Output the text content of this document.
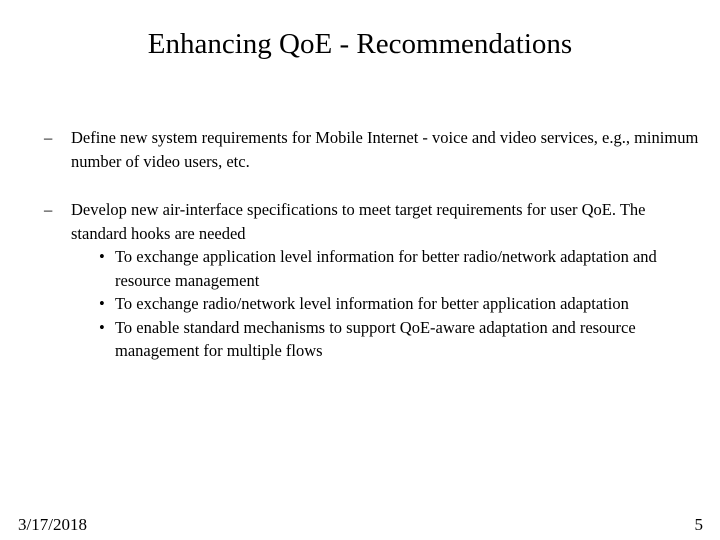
Enhancing QoE - Recommendations
– Define new system requirements for Mobile Internet - voice and video services, e.g., minimum number of video users, etc.
– Develop new air-interface specifications to meet target requirements for user QoE. The standard hooks are needed
• To exchange application level information for better radio/network adaptation and resource management
• To exchange radio/network level information for better application adaptation
• To enable standard mechanisms to support QoE-aware adaptation and resource management for multiple flows
3/17/2018	5
